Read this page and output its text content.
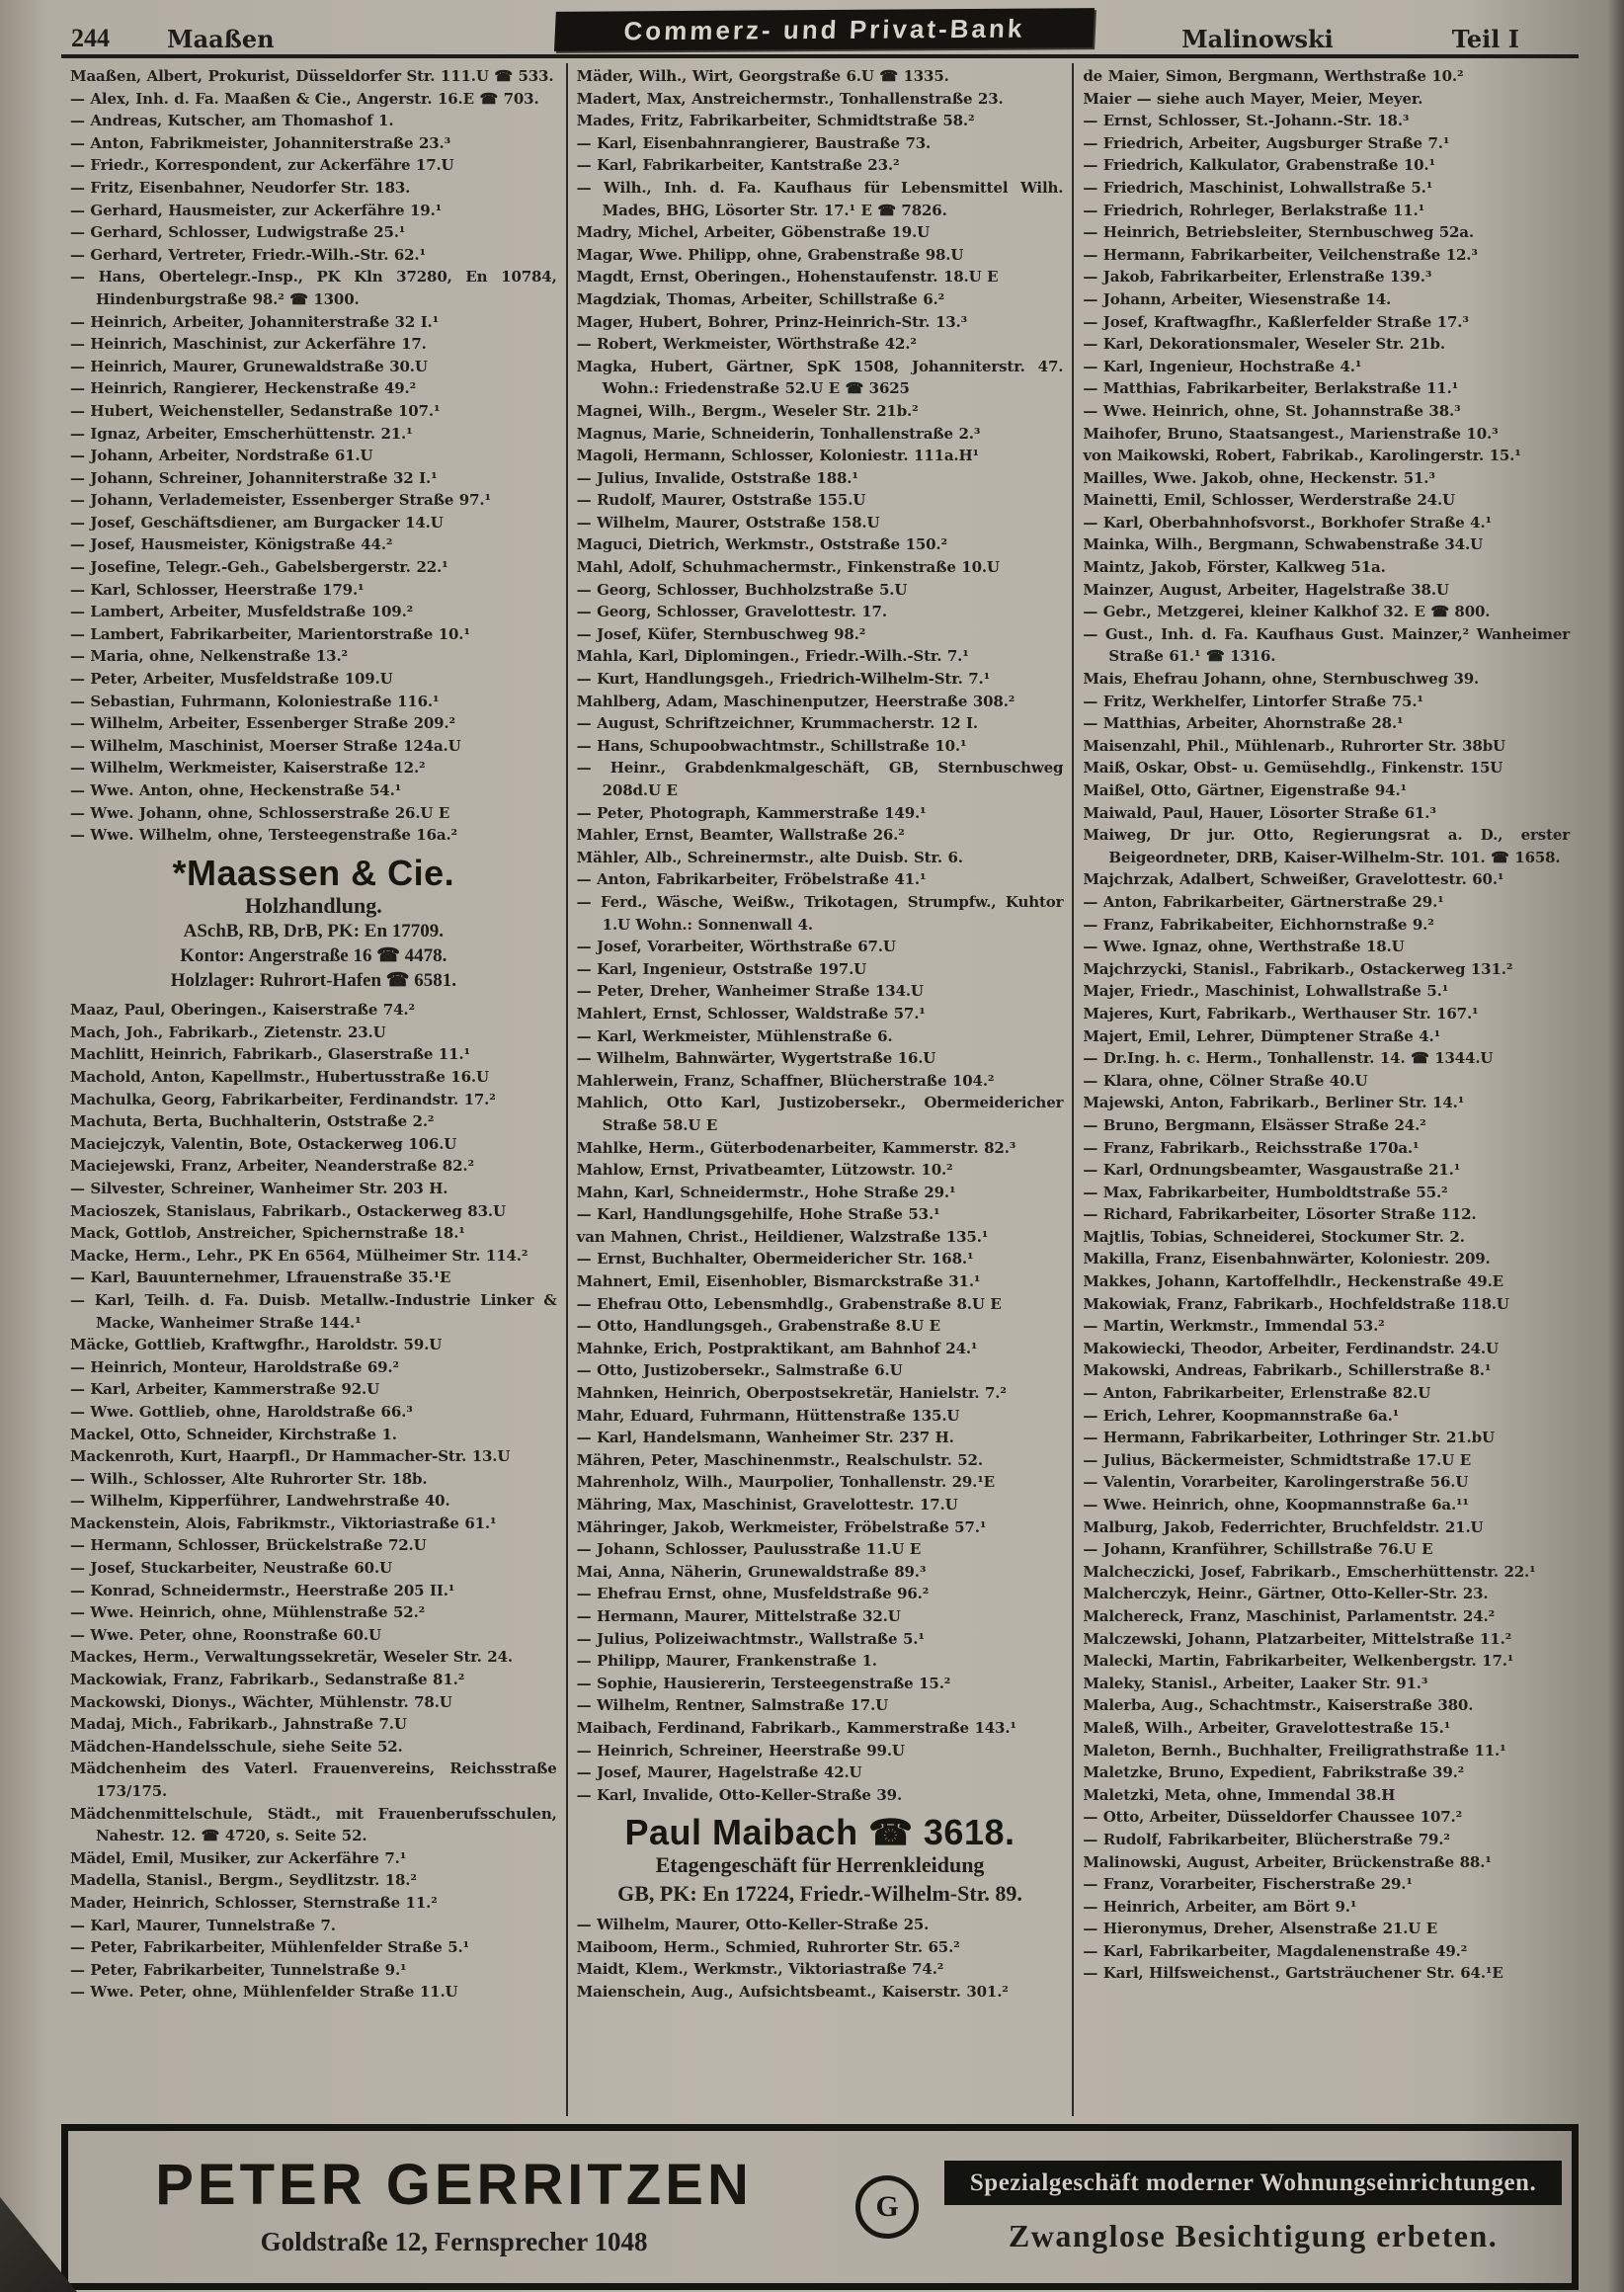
244 Maaßen	Commerz- und Privat-Bank	Malinowski	Teil I
Maaßen, Albert, Prokurist, Düsseldorfer Str. 111.U ☎ 533.
— Alex, Inh. d. Fa. Maaßen & Cie., Angerstr. 16.E ☎ 703.
— Andreas, Kutscher, am Thomashof 1.
— Anton, Fabrikmeister, Johanniterstraße 23.³
— Friedr., Korrespondent, zur Ackerfähre 17.U
— Fritz, Eisenbahner, Neudorfer Str. 183.
— Gerhard, Hausmeister, zur Ackerfähre 19.¹
— Gerhard, Schlosser, Ludwigstraße 25.¹
— Gerhard, Vertreter, Friedr.-Wilh.-Str. 62.¹
— Hans, Obertelegr.-Insp., PK Kln 37280, En 10784, Hindenburgstraße 98.² ☎ 1300.
— Heinrich, Arbeiter, Johanniterstraße 32 I.¹
— Heinrich, Maschinist, zur Ackerfähre 17.
— Heinrich, Maurer, Grunewaldstraße 30.U
— Heinrich, Rangierer, Heckenstraße 49.²
— Hubert, Weichensteller, Sedanstraße 107.¹
— Ignaz, Arbeiter, Emscherhüttenstr. 21.¹
— Johann, Arbeiter, Nordstraße 61.U
— Johann, Schreiner, Johanniterstraße 32 I.¹
— Johann, Verlademeister, Essenberger Straße 97.¹
— Josef, Geschäftsdiener, am Burgacker 14.U
— Josef, Hausmeister, Königstraße 44.²
— Josefine, Telegr.-Geh., Gabelsbergerstr. 22.¹
— Karl, Schlosser, Heerstraße 179.¹
— Lambert, Arbeiter, Musfeldstraße 109.²
— Lambert, Fabrikarbeiter, Marientorstraße 10.¹
— Maria, ohne, Nelkenstraße 13.²
— Peter, Arbeiter, Musfeldstraße 109.U
— Sebastian, Fuhrmann, Koloniestraße 116.¹
— Wilhelm, Arbeiter, Essenberger Straße 209.²
— Wilhelm, Maschinist, Moerser Straße 124a.U
— Wilhelm, Werkmeister, Kaiserstraße 12.²
— Wwe. Anton, ohne, Heckenstraße 54.¹
— Wwe. Johann, ohne, Schlosserstraße 26.U E
— Wwe. Wilhelm, ohne, Tersteegenstraße 16a.²
*Maassen & Cie.
Holzhandlung.
ASchB, RB, DrB, PK: En 17709.
Kontor: Angerstraße 16 ☎ 4478.
Holzlager: Ruhrort-Hafen ☎ 6581.
Maaz, Paul, Oberingen., Kaiserstraße 74.²
Mach, Joh., Fabrikarb., Zietenstr. 23.U
Machlitt, Heinrich, Fabrikarb., Glaserstraße 11.¹
Machold, Anton, Kapellmstr., Hubertusstraße 16.U
Machulka, Georg, Fabrikarbeiter, Ferdinandstr. 17.²
Machuta, Berta, Buchhalterin, Oststraße 2.²
Maciejczyk, Valentin, Bote, Ostackerweg 106.U
Maciejewski, Franz, Arbeiter, Neanderstraße 82.²
— Silvester, Schreiner, Wanheimer Str. 203 H.
Macioszek, Stanislaus, Fabrikarb., Ostackerweg 83.U
Mack, Gottlob, Anstreicher, Spichernstraße 18.¹
Macke, Herm., Lehr., PK En 6564, Mülheimer Str. 114.²
— Karl, Bauunternehmer, Lfrauenstraße 35.¹E
— Karl, Teilh. d. Fa. Duisb. Metallw.-Industrie Linker & Macke, Wanheimer Straße 144.¹
Mäcke, Gottlieb, Kraftwgfhr., Haroldstr. 59.U
— Heinrich, Monteur, Haroldstraße 69.²
— Karl, Arbeiter, Kammerstraße 92.U
— Wwe. Gottlieb, ohne, Haroldstraße 66.³
Mackel, Otto, Schneider, Kirchstraße 1.
Mackenroth, Kurt, Haarpfl., Dr Hammacher-Str. 13.U
— Wilh., Schlosser, Alte Ruhrorter Str. 18b.
— Wilhelm, Kipperführer, Landwehrstraße 40.
Mackenstein, Alois, Fabrikmstr., Viktoriastraße 61.¹
— Hermann, Schlosser, Brückelstraße 72.U
— Josef, Stuckarbeiter, Neustraße 60.U
— Konrad, Schneidermstr., Heerstraße 205 II.¹
— Wwe. Heinrich, ohne, Mühlenstraße 52.²
— Wwe. Peter, ohne, Roonstraße 60.U
Mackes, Herm., Verwaltungssekretär, Weseler Str. 24.
Mackowiak, Franz, Fabrikarb., Sedanstraße 81.²
Mackowski, Dionys., Wächter, Mühlenstr. 78.U
Madaj, Mich., Fabrikarb., Jahnstraße 7.U
Mädchen-Handelsschule, siehe Seite 52.
Mädchenheim des Vaterl. Frauenvereins, Reichsstraße 173/175.
Mädchenmittelschule, Städt., mit Frauenberufsschulen, Nahestr. 12. ☎ 4720, s. Seite 52.
Mädel, Emil, Musiker, zur Ackerfähre 7.¹
Madella, Stanisl., Bergm., Seydlitzstr. 18.²
Mader, Heinrich, Schlosser, Sternstraße 11.²
— Karl, Maurer, Tunnelstraße 7.
— Peter, Fabrikarbeiter, Mühlenfelder Straße 5.¹
— Peter, Fabrikarbeiter, Tunnelstraße 9.¹
— Wwe. Peter, ohne, Mühlenfelder Straße 11.U
Mäder, Wilh., Wirt, Georgstraße 6.U ☎ 1335.
Madert, Max, Anstreichermstr., Tonhallenstraße 23.
Mades, Fritz, Fabrikarbeiter, Schmidtstraße 58.²
— Karl, Eisenbahnrangierer, Baustraße 73.
— Karl, Fabrikarbeiter, Kantstraße 23.²
— Wilh., Inh. d. Fa. Kaufhaus für Lebensmittel Wilh. Mades, BHG, Lösorter Str. 17.¹ E ☎ 7826.
Madry, Michel, Arbeiter, Göbenstraße 19.U
Magar, Wwe. Philipp, ohne, Grabenstraße 98.U
Magdt, Ernst, Oberingen., Hohenstaufenstr. 18.U E
Magdziak, Thomas, Arbeiter, Schillstraße 6.²
Mager, Hubert, Bohrer, Prinz-Heinrich-Str. 13.³
— Robert, Werkmeister, Wörthstraße 42.²
Magka, Hubert, Gärtner, SpK 1508, Johanniterstr. 47. Wohn.: Friedenstraße 52.U E ☎ 3625
Magnei, Wilh., Bergm., Weseler Str. 21b.²
Magnus, Marie, Schneiderin, Tonhallenstraße 2.³
Magoli, Hermann, Schlosser, Koloniestr. 111a.H¹
— Julius, Invalide, Oststraße 188.¹
— Rudolf, Maurer, Oststraße 155.U
— Wilhelm, Maurer, Oststraße 158.U
Maguci, Dietrich, Werkmstr., Oststraße 150.²
Mahl, Adolf, Schuhmachermstr., Finkenstraße 10.U
— Georg, Schlosser, Buchholzstraße 5.U
— Georg, Schlosser, Gravelottestr. 17.
— Josef, Küfer, Sternbuschweg 98.²
Mahla, Karl, Diplomingen., Friedr.-Wilh.-Str. 7.¹
— Kurt, Handlungsgeh., Friedrich-Wilhelm-Str. 7.¹
Mahlberg, Adam, Maschinenputzer, Heerstraße 308.²
— August, Schriftzeichner, Krummacherstr. 12 I.
— Hans, Schupoobwachtmstr., Schillstraße 10.¹
— Heinr., Grabdenkmalgeschäft, GB, Sternbuschweg 208d.U E
— Peter, Photograph, Kammerstraße 149.¹
Mahler, Ernst, Beamter, Wallstraße 26.²
Mähler, Alb., Schreinermstr., alte Duisb. Str. 6.
— Anton, Fabrikarbeiter, Fröbelstraße 41.¹
— Ferd., Wäsche, Weißw., Trikotagen, Strumpfw., Kuhtor 1.U Wohn.: Sonnenwall 4.
— Josef, Vorarbeiter, Wörthstraße 67.U
— Karl, Ingenieur, Oststraße 197.U
— Peter, Dreher, Wanheimer Straße 134.U
Mahlert, Ernst, Schlosser, Waldstraße 57.¹
— Karl, Werkmeister, Mühlenstraße 6.
— Wilhelm, Bahnwärter, Wygertstraße 16.U
Mahlerwein, Franz, Schaffner, Blücherstraße 104.²
Mahlich, Otto Karl, Justizobersekr., Obermeidericher Straße 58.U E
Mahlke, Herm., Güterbodenarbeiter, Kammerstr. 82.³
Mahlow, Ernst, Privatbeamter, Lützowstr. 10.²
Mahn, Karl, Schneidermstr., Hohe Straße 29.¹
— Karl, Handlungsgehilfe, Hohe Straße 53.¹
van Mahnen, Christ., Heildiener, Walzstraße 135.¹
— Ernst, Buchhalter, Obermeidericher Str. 168.¹
Mahnert, Emil, Eisenhobler, Bismarckstraße 31.¹
— Ehefrau Otto, Lebensmhdlg., Grabenstraße 8.U E
— Otto, Handlungsgeh., Grabenstraße 8.U E
Mahnke, Erich, Postpraktikant, am Bahnhof 24.¹
— Otto, Justizobersekr., Salmstraße 6.U
Mahnken, Heinrich, Oberpostsekretär, Hanielstr. 7.²
Mahr, Eduard, Fuhrmann, Hüttenstraße 135.U
— Karl, Handelsmann, Wanheimer Str. 237 H.
Mähren, Peter, Maschinenmstr., Realschulstr. 52.
Mahrenholz, Wilh., Maurpolier, Tonhallenstr. 29.¹E
Mähring, Max, Maschinist, Gravelottestr. 17.U
Mähringer, Jakob, Werkmeister, Fröbelstraße 57.¹
— Johann, Schlosser, Paulusstraße 11.U E
Mai, Anna, Näherin, Grunewaldstraße 89.³
— Ehefrau Ernst, ohne, Musfeldstraße 96.²
— Hermann, Maurer, Mittelstraße 32.U
— Julius, Polizeiwachtmstr., Wallstraße 5.¹
— Philipp, Maurer, Frankenstraße 1.
— Sophie, Hausiererin, Tersteegenstraße 15.²
— Wilhelm, Rentner, Salmstraße 17.U
Maibach, Ferdinand, Fabrikarb., Kammerstraße 143.¹
— Heinrich, Schreiner, Heerstraße 99.U
— Josef, Maurer, Hagelstraße 42.U
— Karl, Invalide, Otto-Keller-Straße 39.
Paul Maibach ☎ 3618.
Etagengeschäft für Herrenkleidung
GB, PK: En 17224, Friedr.-Wilhelm-Str. 89.
— Wilhelm, Maurer, Otto-Keller-Straße 25.
Maiboom, Herm., Schmied, Ruhrorter Str. 65.²
Maidt, Klem., Werkmstr., Viktoriastraße 74.²
Maienschein, Aug., Aufsichtsbeamt., Kaiserstr. 301.²
de Maier, Simon, Bergmann, Werthstraße 10.²
Maier — siehe auch Mayer, Meier, Meyer.
— Ernst, Schlosser, St.-Johann.-Str. 18.³
— Friedrich, Arbeiter, Augsburger Straße 7.¹
— Friedrich, Kalkulator, Grabenstraße 10.¹
— Friedrich, Maschinist, Lohwallstraße 5.¹
— Friedrich, Rohrleger, Berlakstraße 11.¹
— Heinrich, Betriebsleiter, Sternbuschweg 52a.
— Hermann, Fabrikarbeiter, Veilchenstraße 12.³
— Jakob, Fabrikarbeiter, Erlenstraße 139.³
— Johann, Arbeiter, Wiesenstraße 14.
— Josef, Kraftwagfhr., Kaßlerfelder Straße 17.³
— Karl, Dekorationsmaler, Weseler Str. 21b.
— Karl, Ingenieur, Hochstraße 4.¹
— Matthias, Fabrikarbeiter, Berlakstraße 11.¹
— Wwe. Heinrich, ohne, St. Johannstraße 38.³
Maihofer, Bruno, Staatsangest., Marienstraße 10.³
von Maikowski, Robert, Fabrikab., Karolingerstr. 15.¹
Mailles, Wwe. Jakob, ohne, Heckenstr. 51.³
Mainetti, Emil, Schlosser, Werderstraße 24.U
— Karl, Oberbahnhofsvorst., Borkhofer Straße 4.¹
Mainka, Wilh., Bergmann, Schwabenstraße 34.U
Maintz, Jakob, Förster, Kalkweg 51a.
Mainzer, August, Arbeiter, Hagelstraße 38.U
— Gebr., Metzgerei, kleiner Kalkhof 32. E ☎ 800.
— Gust., Inh. d. Fa. Kaufhaus Gust. Mainzer,² Wanheimer Straße 61.¹ ☎ 1316.
Mais, Ehefrau Johann, ohne, Sternbuschweg 39.
— Fritz, Werkhelfer, Lintorfer Straße 75.¹
— Matthias, Arbeiter, Ahornstraße 28.¹
Maisenzahl, Phil., Mühlenarb., Ruhrorter Str. 38bU
Maiß, Oskar, Obst- u. Gemüsehdlg., Finkenstr. 15U
Maißel, Otto, Gärtner, Eigenstraße 94.¹
Maiwald, Paul, Hauer, Lösorter Straße 61.³
Maiweg, Dr jur. Otto, Regierungsrat a. D., erster Beigeordneter, DRB, Kaiser-Wilhelm-Str. 101. ☎ 1658.
Majchrzak, Adalbert, Schweißer, Gravelottestr. 60.¹
— Anton, Fabrikarbeiter, Gärtnerstraße 29.¹
— Franz, Fabrikabeiter, Eichhornstraße 9.²
— Wwe. Ignaz, ohne, Werthstraße 18.U
Majchrzycki, Stanisl., Fabrikarb., Ostackerweg 131.²
Majer, Friedr., Maschinist, Lohwallstraße 5.¹
Majeres, Kurt, Fabrikarb., Werthauser Str. 167.¹
Majert, Emil, Lehrer, Dümptener Straße 4.¹
— Dr.Ing. h. c. Herm., Tonhallenstr. 14. ☎ 1344.U
— Klara, ohne, Cölner Straße 40.U
Majewski, Anton, Fabrikarb., Berliner Str. 14.¹
— Bruno, Bergmann, Elsässer Straße 24.²
— Franz, Fabrikarb., Reichsstraße 170a.¹
— Karl, Ordnungsbeamter, Wasgaustraße 21.¹
— Max, Fabrikarbeiter, Humboldtstraße 55.²
— Richard, Fabrikarbeiter, Lösorter Straße 112.
Majtlis, Tobias, Schneiderei, Stockumer Str. 2.
Makilla, Franz, Eisenbahnwärter, Koloniestr. 209.
Makkes, Johann, Kartoffelhdlr., Heckenstraße 49.E
Makowiak, Franz, Fabrikarb., Hochfeldstraße 118.U
— Martin, Werkmstr., Immendal 53.²
Makowiecki, Theodor, Arbeiter, Ferdinandstr. 24.U
Makowski, Andreas, Fabrikarb., Schillerstraße 8.¹
— Anton, Fabrikarbeiter, Erlenstraße 82.U
— Erich, Lehrer, Koopmannstraße 6a.¹
— Hermann, Fabrikarbeiter, Lothringer Str. 21.bU
— Julius, Bäckermeister, Schmidtstraße 17.U E
— Valentin, Vorarbeiter, Karolingerstraße 56.U
— Wwe. Heinrich, ohne, Koopmannstraße 6a.¹¹
Malburg, Jakob, Federrichter, Bruchfeldstr. 21.U
— Johann, Kranführer, Schillstraße 76.U E
Malcheczicki, Josef, Fabrikarb., Emscherhüttenstr. 22.¹
Malcherczyk, Heinr., Gärtner, Otto-Keller-Str. 23.
Malchereck, Franz, Maschinist, Parlamentstr. 24.²
Malczewski, Johann, Platzarbeiter, Mittelstraße 11.²
Malecki, Martin, Fabrikarbeiter, Welkenbergstr. 17.¹
Maleky, Stanisl., Arbeiter, Laaker Str. 91.³
Malerba, Aug., Schachtmstr., Kaiserstraße 380.
Maleß, Wilh., Arbeiter, Gravelottestraße 15.¹
Maleton, Bernh., Buchhalter, Freiligrathstraße 11.¹
Maletzke, Bruno, Expedient, Fabrikstraße 39.²
Maletzki, Meta, ohne, Immendal 38.H
— Otto, Arbeiter, Düsseldorfer Chaussee 107.²
— Rudolf, Fabrikarbeiter, Blücherstraße 79.²
Malinowski, August, Arbeiter, Brückenstraße 88.¹
— Franz, Vorarbeiter, Fischerstraße 29.¹
— Heinrich, Arbeiter, am Bört 9.¹
— Hieronymus, Dreher, Alsenstraße 21.U E
— Karl, Fabrikarbeiter, Magdalenenstraße 49.²
— Karl, Hilfsweichenst., Gartsträuchener Str. 64.¹E
PETER GERRITZEN
Goldstraße 12, Fernsprecher 1048
G
Spezialgeschäft moderner Wohnungseinrichtungen.
Zwanglose Besichtigung erbeten.
